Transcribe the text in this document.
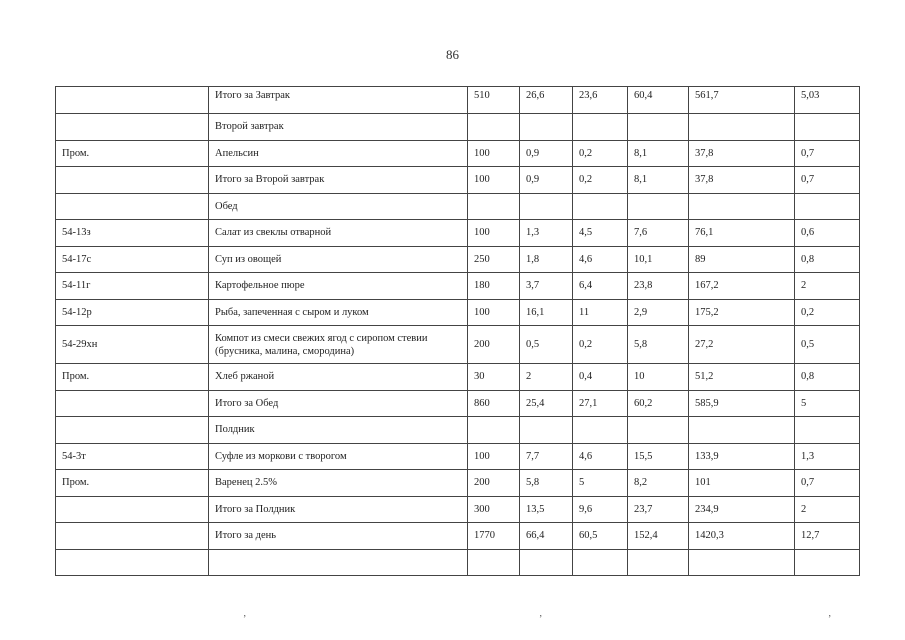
86
	Итого за Завтрак	510	26,6	23,6	60,4	561,7	5,03
	Второй завтрак						
Пром.	Апельсин	100	0,9	0,2	8,1	37,8	0,7
	Итого за Второй завтрак	100	0,9	0,2	8,1	37,8	0,7
	Обед						
54-13з	Салат из свеклы отварной	100	1,3	4,5	7,6	76,1	0,6
54-17с	Суп из овощей	250	1,8	4,6	10,1	89	0,8
54-11г	Картофельное пюре	180	3,7	6,4	23,8	167,2	2
54-12р	Рыба, запеченная с сыром и луком	100	16,1	11	2,9	175,2	0,2
54-29хн	Компот из смеси свежих ягод с сиропом стевии (брусника, малина, смородина)	200	0,5	0,2	5,8	27,2	0,5
Пром.	Хлеб ржаной	30	2	0,4	10	51,2	0,8
	Итого за Обед	860	25,4	27,1	60,2	585,9	5
	Полдник						
54-3т	Суфле из моркови с творогом	100	7,7	4,6	15,5	133,9	1,3
Пром.	Варенец 2.5%	200	5,8	5	8,2	101	0,7
	Итого за Полдник	300	13,5	9,6	23,7	234,9	2
	Итого за день	1770	66,4	60,5	152,4	1420,3	12,7

ʼ	ʼ	ʼ
